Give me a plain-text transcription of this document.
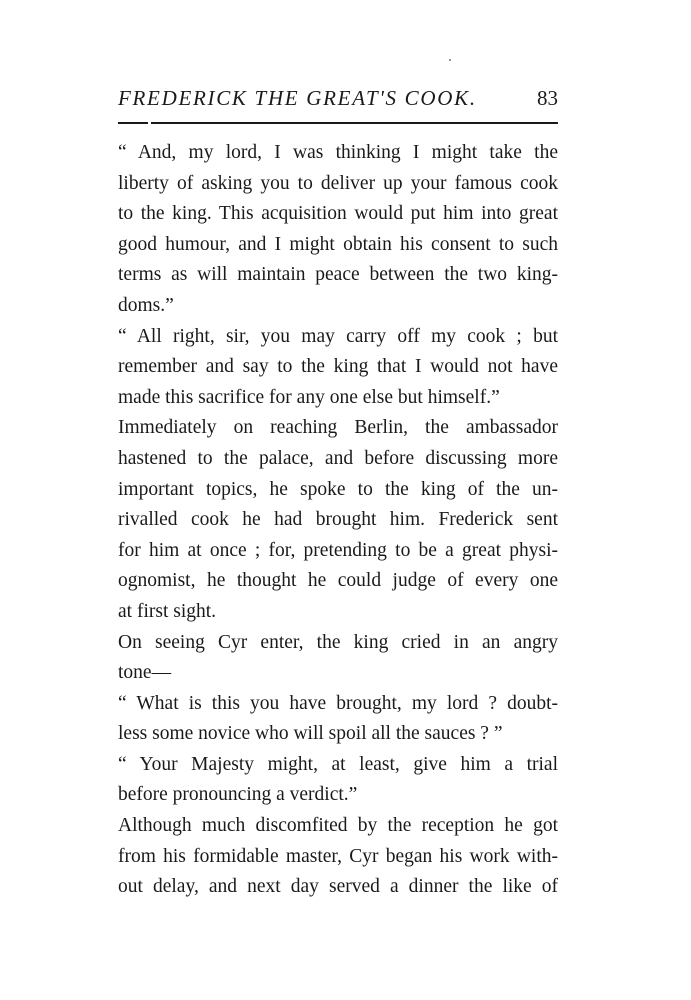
FREDERICK THE GREAT'S COOK.	83
“ And, my lord, I was thinking I might take the
liberty of asking you to deliver up your famous cook
to the king. This acquisition would put him into great
good humour, and I might obtain his consent to such
terms as will maintain peace between the two king-
doms.”
“ All right, sir, you may carry off my cook ; but
remember and say to the king that I would not have
made this sacrifice for any one else but himself.”
Immediately on reaching Berlin, the ambassador
hastened to the palace, and before discussing more
important topics, he spoke to the king of the un-
rivalled cook he had brought him. Frederick sent
for him at once ; for, pretending to be a great physi-
ognomist, he thought he could judge of every one
at first sight.
On seeing Cyr enter, the king cried in an angry
tone—
“ What is this you have brought, my lord ? doubt-
less some novice who will spoil all the sauces ? ”
“ Your Majesty might, at least, give him a trial
before pronouncing a verdict.”
Although much discomfited by the reception he got
from his formidable master, Cyr began his work with-
out delay, and next day served a dinner the like of
